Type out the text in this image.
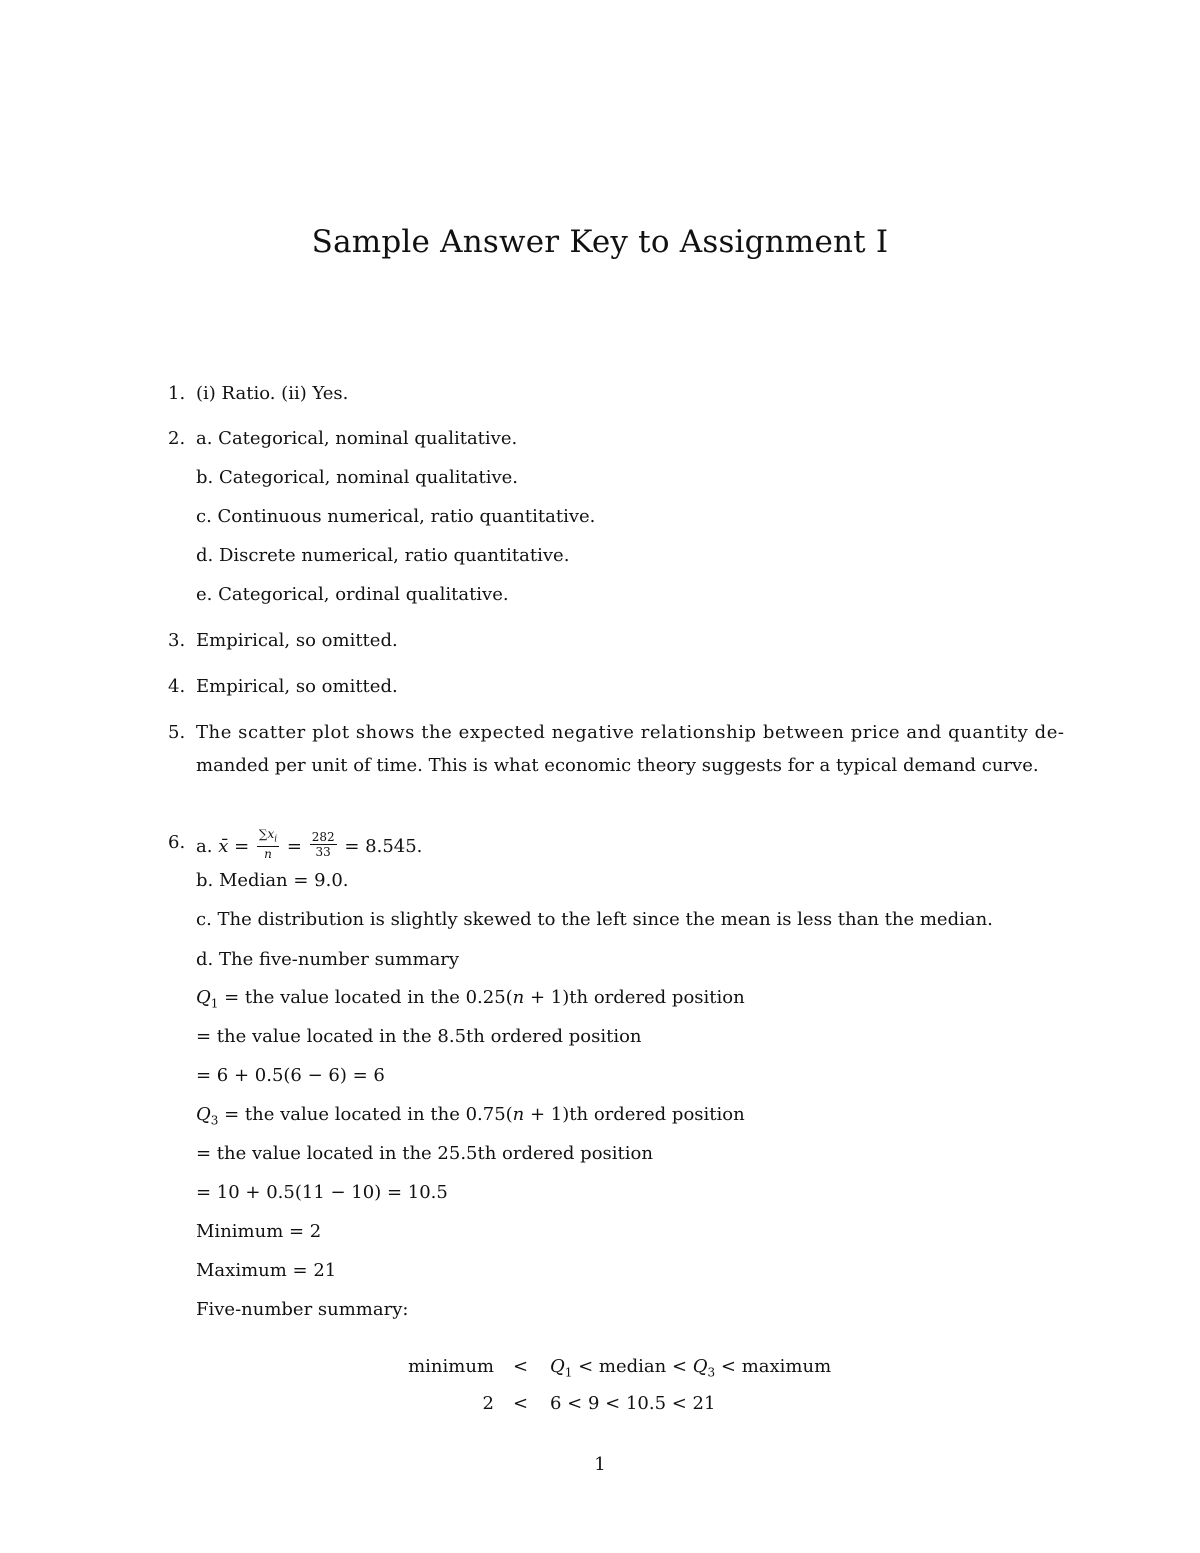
Sample Answer Key to Assignment I
1. (i) Ratio. (ii) Yes.
2. a. Categorical, nominal qualitative.
b. Categorical, nominal qualitative.
c. Continuous numerical, ratio quantitative.
d. Discrete numerical, ratio quantitative.
e. Categorical, ordinal qualitative.
3. Empirical, so omitted.
4. Empirical, so omitted.
5. The scatter plot shows the expected negative relationship between price and quantity de-
manded per unit of time. This is what economic theory suggests for a typical demand curve.
6. a. x̄ = $\frac{\sum x_i}{n} = \frac{282}{33} = 8.545$.
b. Median = 9.0.
c. The distribution is slightly skewed to the left since the mean is less than the median.
d. The five-number summary
$Q_1$ = the value located in the 0.25(n + 1)th ordered position
= the value located in the 8.5th ordered position
= 6 + 0.5(6 − 6) = 6
$Q_3$ = the value located in the 0.75(n + 1)th ordered position
= the value located in the 25.5th ordered position
= 10 + 0.5(11 − 10) = 10.5
Minimum = 2
Maximum = 21
Five-number summary:
minimum < $Q_1$ < median < $Q_3$ < maximum
2 < 6 < 9 < 10.5 < 21
1
